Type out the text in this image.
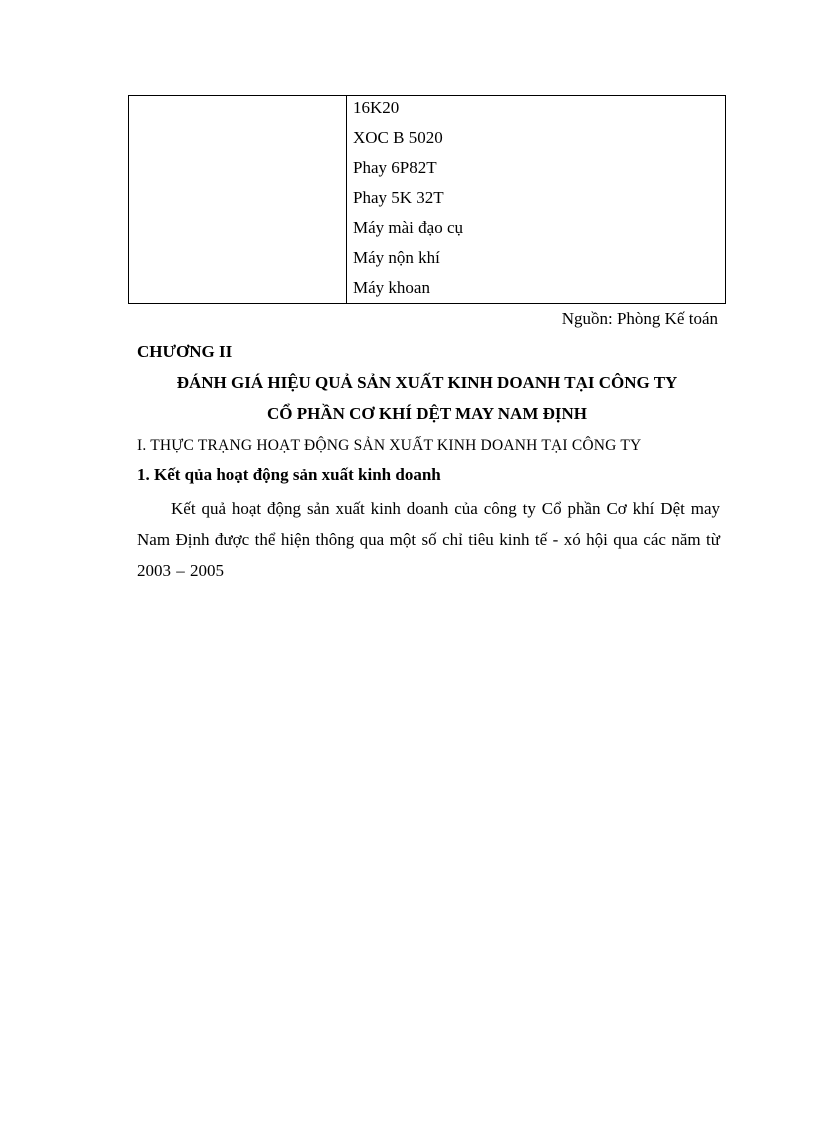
16K20
XOC B 5020
Phay 6P82T
Phay 5K 32T
Máy mài đạo cụ
Máy nộn khí
Máy khoan
Nguồn: Phòng Kế toán
CHƯƠNG II
ĐÁNH GIÁ HIỆU QUẢ SẢN XUẤT KINH DOANH TẠI CÔNG TY
CỔ PHẦN CƠ KHÍ DỆT MAY NAM ĐỊNH
I. THỰC TRẠNG HOẠT ĐỘNG SẢN XUẤT KINH DOANH TẠI CÔNG TY
1. Kết qủa hoạt động sản xuất kinh doanh
Kết quả hoạt động sản xuất kinh doanh của công ty Cổ phần Cơ khí Dệt may Nam Định được thể hiện thông qua một số chỉ tiêu kinh tế - xó hội qua các năm từ 2003 – 2005
